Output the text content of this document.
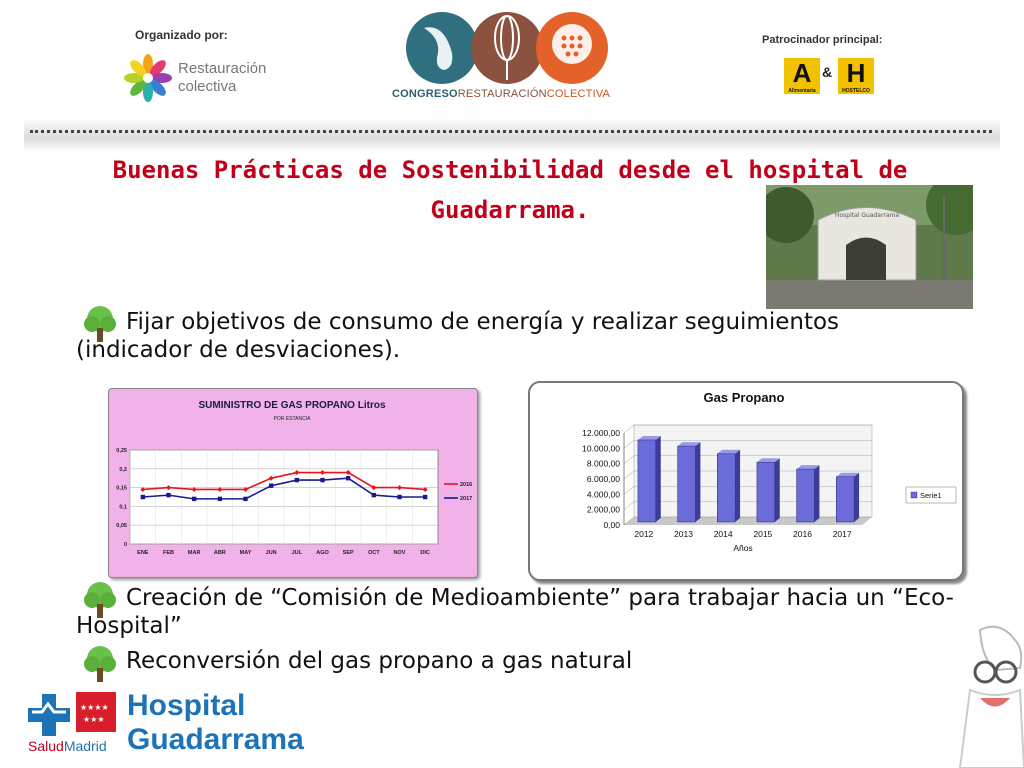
Organizado por:
Restauración
colectiva	CONGRESORESTAURACIÓNCOLECTIVA
Patrocinador principal:
A & H
Alimentaria	HOSTELCO
Buenas Prácticas de Sostenibilidad desde el hospital de Guadarrama.	Hospital Guadarrama
Fijar objetivos de consumo de energía y realizar seguimientos (indicador de desviaciones).
Creación de “Comisión de Medioambiente” para trabajar hacia un “Eco-Hospital”
Reconversión del gas propano a gas natural
SUMINISTRO DE GAS PROPANO Litros
POR ESTANCIA
0
0,05
0,1
0,15
0,2
0,25
ENE	FEB	MAR ABR	MAY	JUN	JUL	AGO	SEP	OCT	NOV	DIC
2016
2017
Gas Propano
0,00
2.000,00
4.000,00
6.000,00
8.000,00
10.000,00
12.000,00
2012 2013 2014 2015 2016 2017
Años
Serie1
★★★★
★★★
SaludMadrid
Hospital
Guadarrama
